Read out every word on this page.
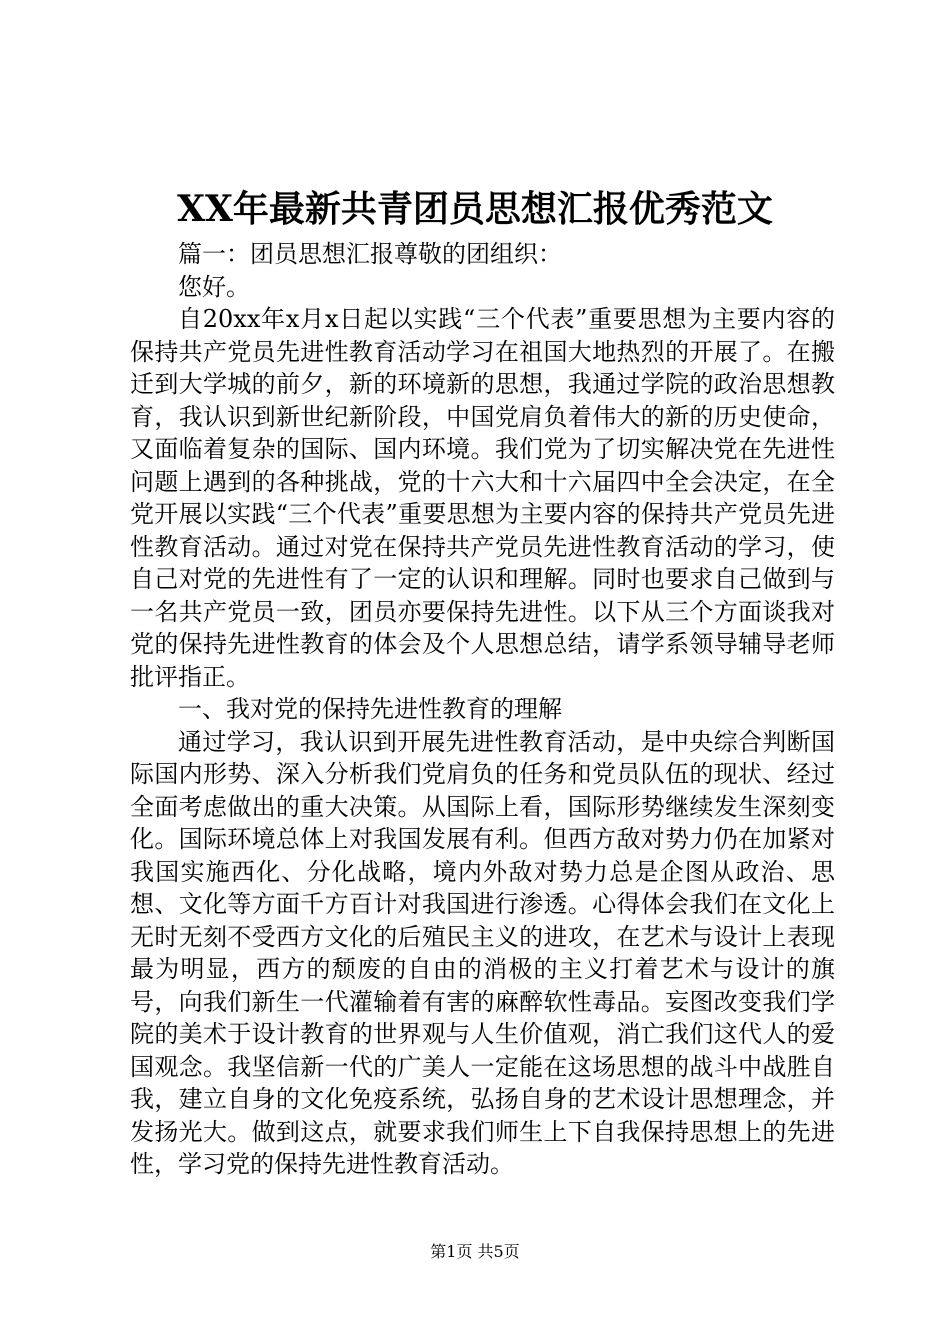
XX年最新共青团员思想汇报优秀范文

篇一：团员思想汇报尊敬的团组织：

您好。

自20xx年x月x日起以实践“三个代表”重要思想为主要内容的保持共产党员先进性教育活动学习在祖国大地热烈的开展了。在搬迁到大学城的前夕，新的环境新的思想，我通过学院的政治思想教育，我认识到新世纪新阶段，中国党肩负着伟大的新的历史使命，又面临着复杂的国际、国内环境。我们党为了切实解决党在先进性问题上遇到的各种挑战，党的十六大和十六届四中全会决定，在全党开展以实践“三个代表”重要思想为主要内容的保持共产党员先进性教育活动。通过对党在保持共产党员先进性教育活动的学习，使自己对党的先进性有了一定的认识和理解。同时也要求自己做到与一名共产党员一致，团员亦要保持先进性。以下从三个方面谈我对党的保持先进性教育的体会及个人思想总结，请学系领导辅导老师批评指正。

一、我对党的保持先进性教育的理解

通过学习，我认识到开展先进性教育活动，是中央综合判断国际国内形势、深入分析我们党肩负的任务和党员队伍的现状、经过全面考虑做出的重大决策。从国际上看，国际形势继续发生深刻变化。国际环境总体上对我国发展有利。但西方敌对势力仍在加紧对我国实施西化、分化战略，境内外敌对势力总是企图从政治、思想、文化等方面千方百计对我国进行渗透。心得体会我们在文化上无时无刻不受西方文化的后殖民主义的进攻，在艺术与设计上表现最为明显，西方的颓废的自由的消极的主义打着艺术与设计的旗号，向我们新生一代灌输着有害的麻醉软性毒品。妄图改变我们学院的美术于设计教育的世界观与人生价值观，消亡我们这代人的爱国观念。我坚信新一代的广美人一定能在这场思想的战斗中战胜自我，建立自身的文化免疫系统，弘扬自身的艺术设计思想理念，并发扬光大。做到这点，就要求我们师生上下自我保持思想上的先进性，学习党的保持先进性教育活动。

第1页 共5页
